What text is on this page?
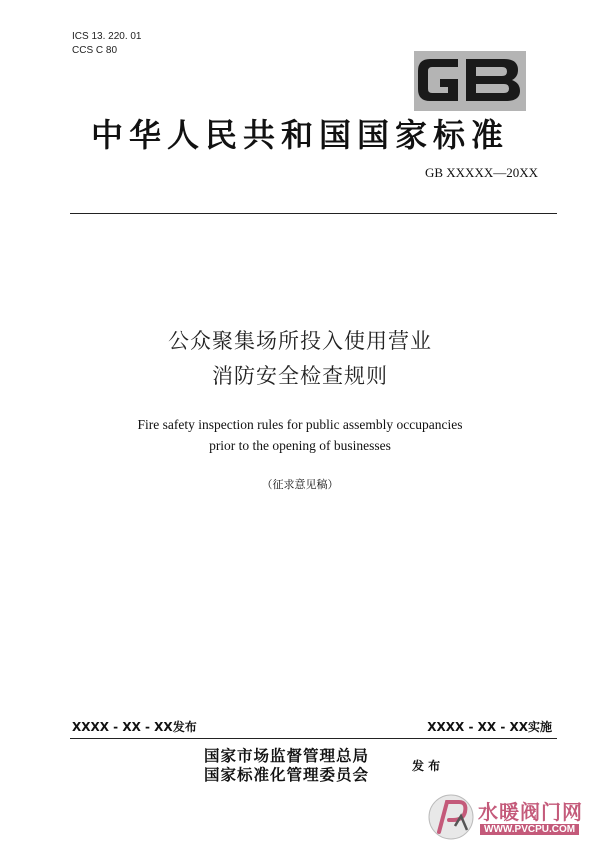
ICS 13. 220. 01
CCS C 80
中华人民共和国国家标准
GB XXXXX—20XX
公众聚集场所投入使用营业
消防安全检查规则
Fire safety inspection rules for public assembly occupancies
prior to the opening of businesses
（征求意见稿）
XXXX - XX - XX发布	XXXX - XX - XX实施
国家市场监督管理总局
国家标准化管理委员会	发 布
水暖阀门网
WWW.PVCPU.COM
